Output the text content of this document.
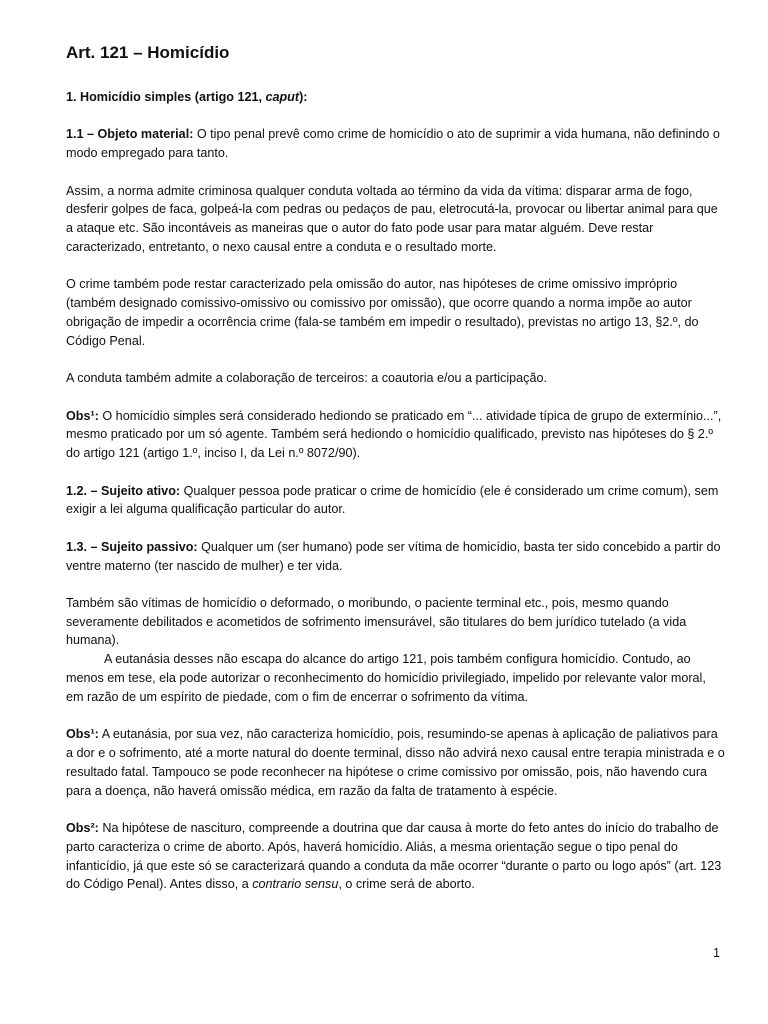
Art. 121 – Homicídio

1. Homicídio simples (artigo 121, caput):

1.1 – Objeto material: O tipo penal prevê como crime de homicídio o ato de suprimir a vida humana, não definindo o modo empregado para tanto.

Assim, a norma admite criminosa qualquer conduta voltada ao término da vida da vítima: disparar arma de fogo, desferir golpes de faca, golpeá-la com pedras ou pedaços de pau, eletrocutá-la, provocar ou libertar animal para que a ataque etc. São incontáveis as maneiras que o autor do fato pode usar para matar alguém. Deve restar caracterizado, entretanto, o nexo causal entre a conduta e o resultado morte.

O crime também pode restar caracterizado pela omissão do autor, nas hipóteses de crime omissivo impróprio (também designado comissivo-omissivo ou comissivo por omissão), que ocorre quando a norma impõe ao autor obrigação de impedir a ocorrência crime (fala-se também em impedir o resultado), previstas no artigo 13, §2.º, do Código Penal.

A conduta também admite a colaboração de terceiros: a coautoria e/ou a participação.

Obs¹: O homicídio simples será considerado hediondo se praticado em “... atividade típica de grupo de extermínio...”, mesmo praticado por um só agente. Também será hediondo o homicídio qualificado, previsto nas hipóteses do § 2.º do artigo 121 (artigo 1.º, inciso I, da Lei n.º 8072/90).

1.2. – Sujeito ativo: Qualquer pessoa pode praticar o crime de homicídio (ele é considerado um crime comum), sem exigir a lei alguma qualificação particular do autor.

1.3. – Sujeito passivo: Qualquer um (ser humano) pode ser vítima de homicídio, basta ter sido concebido a partir do ventre materno (ter nascido de mulher) e ter vida.

Também são vítimas de homicídio o deformado, o moribundo, o paciente terminal etc., pois, mesmo quando severamente debilitados e acometidos de sofrimento imensurável, são titulares do bem jurídico tutelado (a vida humana).

A eutanásia desses não escapa do alcance do artigo 121, pois também configura homicídio. Contudo, ao menos em tese, ela pode autorizar o reconhecimento do homicídio privilegiado, impelido por relevante valor moral, em razão de um espírito de piedade, com o fim de encerrar o sofrimento da vítima.

Obs¹: A eutanásia, por sua vez, não caracteriza homicídio, pois, resumindo-se apenas à aplicação de paliativos para a dor e o sofrimento, até a morte natural do doente terminal, disso não advirá nexo causal entre terapia ministrada e o resultado fatal. Tampouco se pode reconhecer na hipótese o crime comissivo por omissão, pois, não havendo cura para a doença, não haverá omissão médica, em razão da falta de tratamento à espécie.

Obs²: Na hipótese de nascituro, compreende a doutrina que dar causa à morte do feto antes do início do trabalho de parto caracteriza o crime de aborto. Após, haverá homicídio. Aliás, a mesma orientação segue o tipo penal do infanticídio, já que este só se caracterizará quando a conduta da mãe ocorrer “durante o parto ou logo após” (art. 123 do Código Penal). Antes disso, a contrario sensu, o crime será de aborto.

1
